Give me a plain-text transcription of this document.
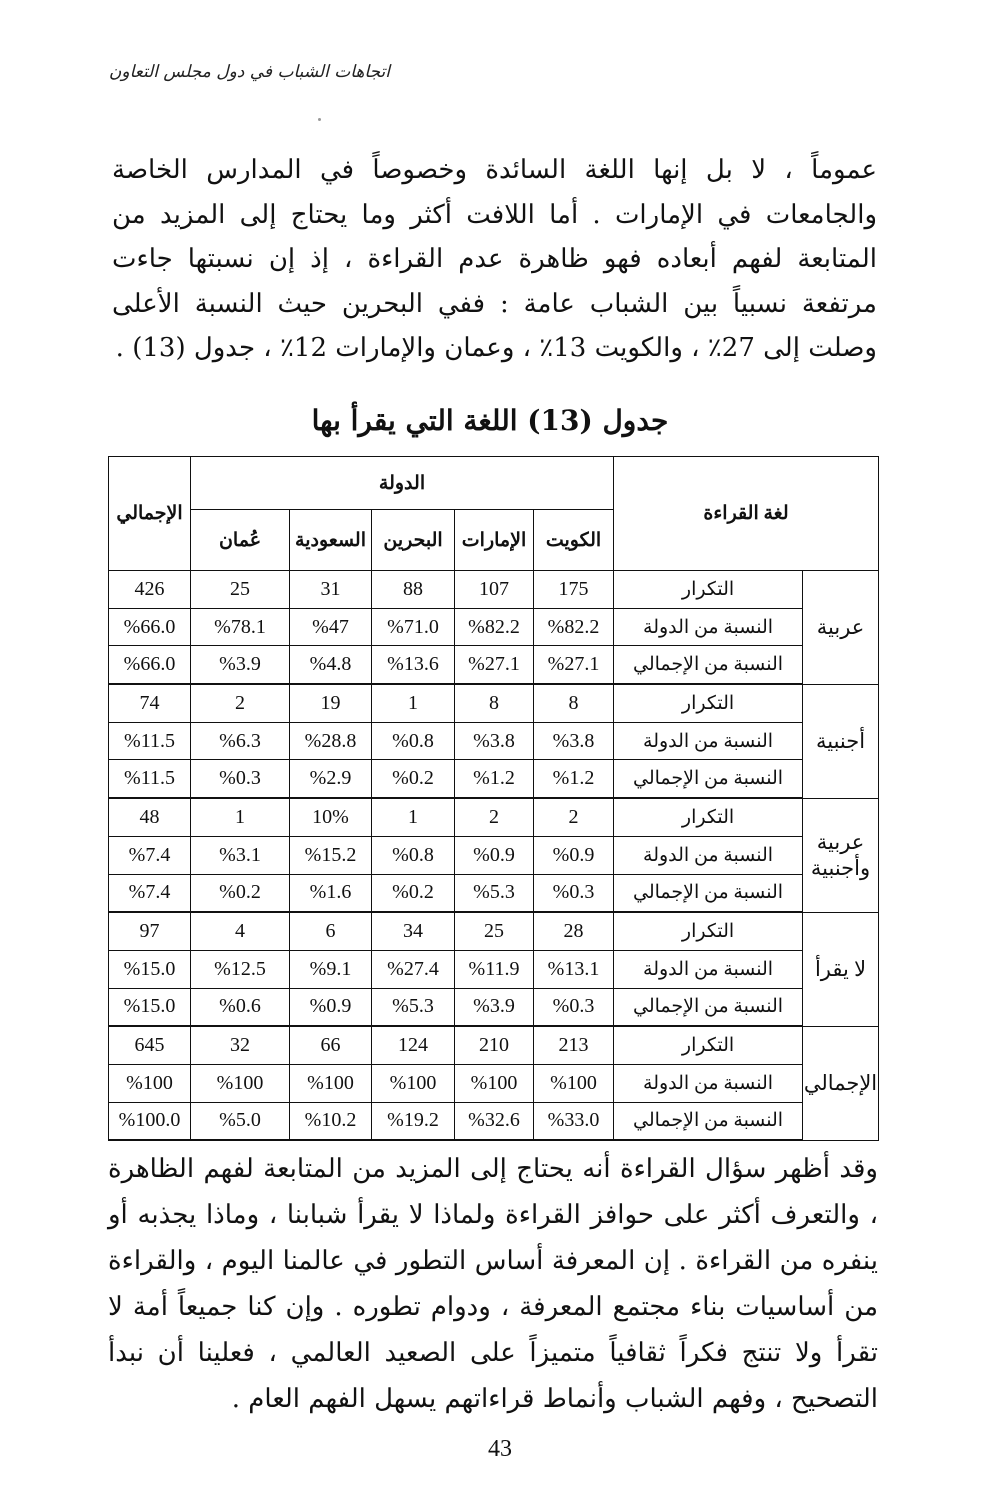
اتجاهات الشباب في دول مجلس التعاون
عموماً ، لا بل إنها اللغة السائدة وخصوصاً في المدارس الخاصة والجامعات في الإمارات . أما اللافت أكثر وما يحتاج إلى المزيد من المتابعة لفهم أبعاده فهو ظاهرة عدم القراءة ، إذ إن نسبتها جاءت مرتفعة نسبياً بين الشباب عامة : ففي البحرين حيث النسبة الأعلى وصلت إلى 27٪ ، والكويت 13٪ ، وعمان والإمارات 12٪ ، جدول (13) .
جدول (13) اللغة التي يقرأ بها
لغة القراءة		الدولة					الإجمالي
		الكويت	الإمارات	البحرين	السعودية	عُمان	
عربية	التكرار	175	107	88	31	25	426
	النسبة من الدولة	%82.2	%82.2	%71.0	%47	%78.1	%66.0
	النسبة من الإجمالي	%27.1	%27.1	%13.6	%4.8	%3.9	%66.0
أجنبية	التكرار	8	8	1	19	2	74
	النسبة من الدولة	%3.8	%3.8	%0.8	%28.8	%6.3	%11.5
	النسبة من الإجمالي	%1.2	%1.2	%0.2	%2.9	%0.3	%11.5
عربية وأجنبية	التكرار	2	2	1	10%	1	48
	النسبة من الدولة	%0.9	%0.9	%0.8	%15.2	%3.1	%7.4
	النسبة من الإجمالي	%0.3	%5.3	%0.2	%1.6	%0.2	%7.4
لا يقرأ	التكرار	28	25	34	6	4	97
	النسبة من الدولة	%13.1	%11.9	%27.4	%9.1	%12.5	%15.0
	النسبة من الإجمالي	%0.3	%3.9	%5.3	%0.9	%0.6	%15.0
الإجمالي	التكرار	213	210	124	66	32	645
	النسبة من الدولة	%100	%100	%100	%100	%100	%100
	النسبة من الإجمالي	%33.0	%32.6	%19.2	%10.2	%5.0	%100.0
وقد أظهر سؤال القراءة أنه يحتاج إلى المزيد من المتابعة لفهم الظاهرة ، والتعرف أكثر على حوافز القراءة ولماذا لا يقرأ شبابنا ، وماذا يجذبه أو ينفره من القراءة . إن المعرفة أساس التطور في عالمنا اليوم ، والقراءة من أساسيات بناء مجتمع المعرفة ، ودوام تطوره . وإن كنا جميعاً أمة لا تقرأ ولا تنتج فكراً ثقافياً متميزاً على الصعيد العالمي ، فعلينا أن نبدأ التصحيح ، وفهم الشباب وأنماط قراءاتهم يسهل الفهم العام .
43
